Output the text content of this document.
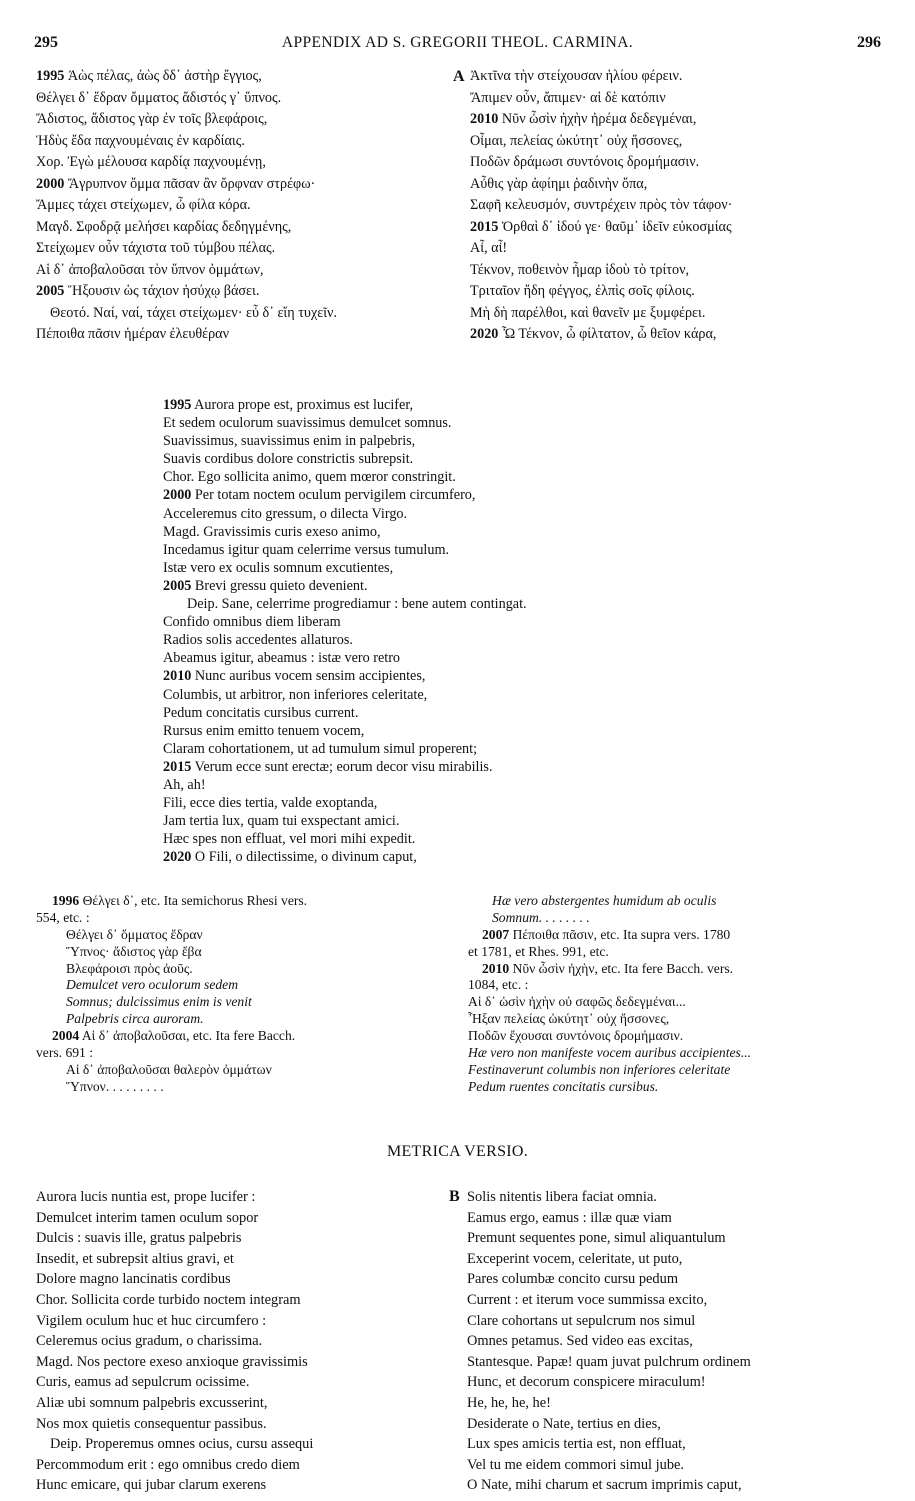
295	APPENDIX AD S. GREGORII THEOL. CARMINA.	296
1995 Ἀὼς πέλας, ἀὼς δδ᾽ ἀστὴρ ἔγγιος,
Θέλγει δ᾽ ἕδραν ὄμματος ἄδιστός γ᾽ ὕπνος.
Ἄδιστος, ἄδιστος γὰρ ἐν τοῖς βλεφάροις,
Ἡδὺς ἔδα παχνουμέναις ἐν καρδίαις.
Χορ. Ἐγὼ μέλουσα καρδίᾳ παχνουμένῃ,
2000 Ἄγρυπνον ὄμμα πᾶσαν ἂν ὄρφναν στρέφω·
Ἄμμες τάχει στείχωμεν, ὦ φίλα κόρα.
Μαγδ. Σφοδρᾷ μελήσει καρδίας δεδηγμένης,
Στείχωμεν οὖν τάχιστα τοῦ τύμβου πέλας.
Αἱ δ᾽ ἀποβαλοῦσαι τὸν ὕπνον ὀμμάτων,
2005 Ἥξουσιν ὡς τάχιον ἡσύχῳ βάσει.
Θεοτό. Ναί, ναί, τάχει στείχωμεν· εὖ δ᾽ εἴη τυχεῖν.
Πέποιθα πᾶσιν ἡμέραν ἐλευθέραν
A Ἀκτῖνα τὴν στείχουσαν ἡλίου φέρειν.
Ἄπιμεν οὖν, ἄπιμεν· αἱ δὲ κατόπιν
2010 Νῦν ὦσὶν ἠχὴν ἠρέμα δεδεγμέναι,
Οἶμαι, πελείας ὠκύτητ᾽ οὐχ ἥσσονες,
Ποδῶν δράμωσι συντόνοις δρομήμασιν.
Αὖθις γὰρ ἀφίημι ῥαδινὴν ὄπα,
Σαφῆ κελευσμόν, συντρέχειν πρὸς τὸν τάφον·
2015 Ὀρθαὶ δ᾽ ἰδού γε· θαῦμ᾽ ἰδεῖν εὐκοσμίας
Αἶ, αἶ!
Τέκνον, ποθεινὸν ἦμαρ ἰδοὺ τὸ τρίτον,
Τριταῖον ἤδη φέγγος, ἐλπὶς σοῖς φίλοις.
Μὴ δὴ παρέλθοι, καὶ θανεῖν με ξυμφέρει.
2020 Ὦ Τέκνον, ὦ φίλτατον, ὦ θεῖον κάρα,
1995 Aurora prope est, proximus est lucifer,
Et sedem oculorum suavissimus demulcet somnus.
Suavissimus, suavissimus enim in palpebris,
Suavis cordibus dolore constrictis subrepsit.
Chor. Ego sollicita animo, quem mœror constringit.
2000 Per totam noctem oculum pervigilem circumfero,
Acceleremus cito gressum, o dilecta Virgo.
Magd. Gravissimis curis exeso animo,
Incedamus igitur quam celerrime versus tumulum.
Istæ vero ex oculis somnum excutientes,
2005 Brevi gressu quieto devenient.
Deip. Sane, celerrime progrediamur : bene autem contingat.
Confido omnibus diem liberam
Radios solis accedentes allaturos.
Abeamus igitur, abeamus : istæ vero retro
2010 Nunc auribus vocem sensim accipientes,
Columbis, ut arbitror, non inferiores celeritate,
Pedum concitatis cursibus current.
Rursus enim emitto tenuem vocem,
Claram cohortationem, ut ad tumulum simul properent;
2015 Verum ecce sunt erectæ; eorum decor visu mirabilis.
Ah, ah!
Fili, ecce dies tertia, valde exoptanda,
Jam tertia lux, quam tui exspectant amici.
Hæc spes non effluat, vel mori mihi expedit.
2020 O Fili, o dilectissime, o divinum caput,
1996 Θέλγει δ᾽, etc. Ita semichorus Rhesi vers.
554, etc. :
Θέλγει δ᾽ ὄμματος ἕδραν
Ὕπνος· ἄδιστος γὰρ ἔβα
Βλεφάροισι πρὸς ἀοῦς.
Demulcet vero oculorum sedem
Somnus; dulcissimus enim is venit
Palpebris circa auroram.
2004 Αἱ δ᾽ ἀποβαλοῦσαι, etc. Ita fere Bacch.
vers. 691 :
Αἱ δ᾽ ἀποβαλοῦσαι θαλερὸν ὀμμάτων
Ὕπνον. . . . . . . . .
Hæ vero abstergentes humidum ab oculis
Somnum. . . . . . . .
2007 Πέποιθα πᾶσιν, etc. Ita supra vers. 1780
et 1781, et Rhes. 991, etc.
2010 Νῦν ὦσὶν ἠχὴν, etc. Ita fere Bacch. vers.
1084, etc. :
Αἱ δ᾽ ὠσὶν ἠχὴν οὐ σαφῶς δεδεγμέναι...
Ἦξαν πελείας ὠκύτητ᾽ οὐχ ἥσσονες,
Ποδῶν ἔχουσαι συντόνοις δρομήμασιν.
Hæ vero non manifeste vocem auribus accipientes...
Festinaverunt columbis non inferiores celeritate
Pedum ruentes concitatis cursibus.
METRICA VERSIO.
Aurora lucis nuntia est, prope lucifer :
Demulcet interim tamen oculum sopor
Dulcis : suavis ille, gratus palpebris
Insedit, et subrepsit altius gravi, et
Dolore magno lancinatis cordibus
Chor. Sollicita corde turbido noctem integram
Vigilem oculum huc et huc circumfero :
Celeremus ocius gradum, o charissima.
Magd. Nos pectore exeso anxioque gravissimis
Curis, eamus ad sepulcrum ocissime.
Aliæ ubi somnum palpebris excusserint,
Nos mox quietis consequentur passibus.
Deip. Properemus omnes ocius, cursu assequi
Percommodum erit : ego omnibus credo diem
Hunc emicare, qui jubar clarum exerens
B Solis nitentis libera faciat omnia.
Eamus ergo, eamus : illæ quæ viam
Premunt sequentes pone, simul aliquantulum
Exceperint vocem, celeritate, ut puto,
Pares columbæ concito cursu pedum
Current : et iterum voce summissa excito,
Clare cohortans ut sepulcrum nos simul
Omnes petamus. Sed video eas excitas,
Stantesque. Papæ! quam juvat pulchrum ordinem
Hunc, et decorum conspicere miraculum!
He, he, he, he!
Desiderate o Nate, tertius en dies,
Lux spes amicis tertia est, non effluat,
Vel tu me eidem commori simul jube.
O Nate, mihi charum et sacrum imprimis caput,
